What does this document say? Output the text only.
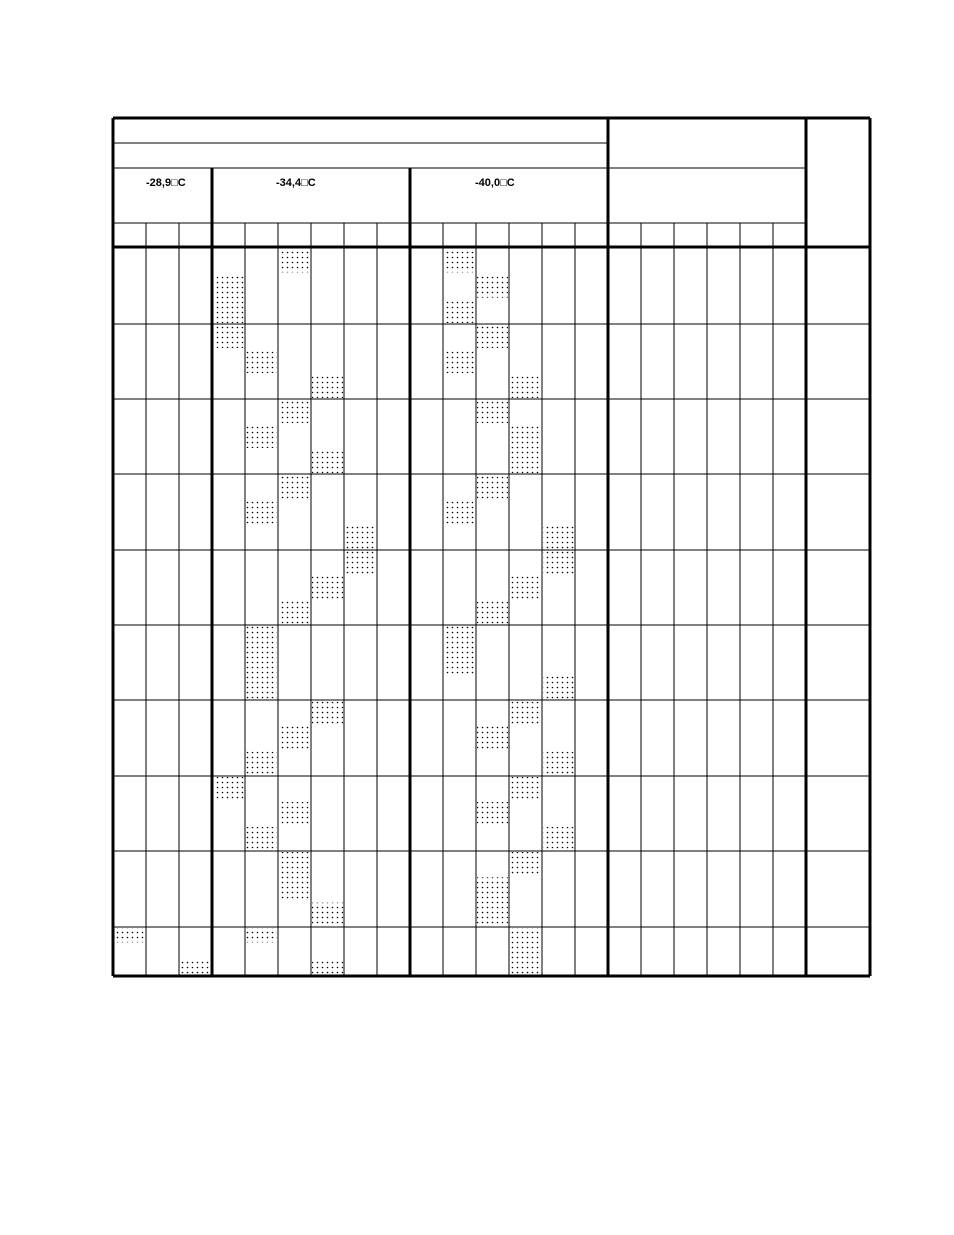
-28,9□C	-34,4□C	-40,0□C
